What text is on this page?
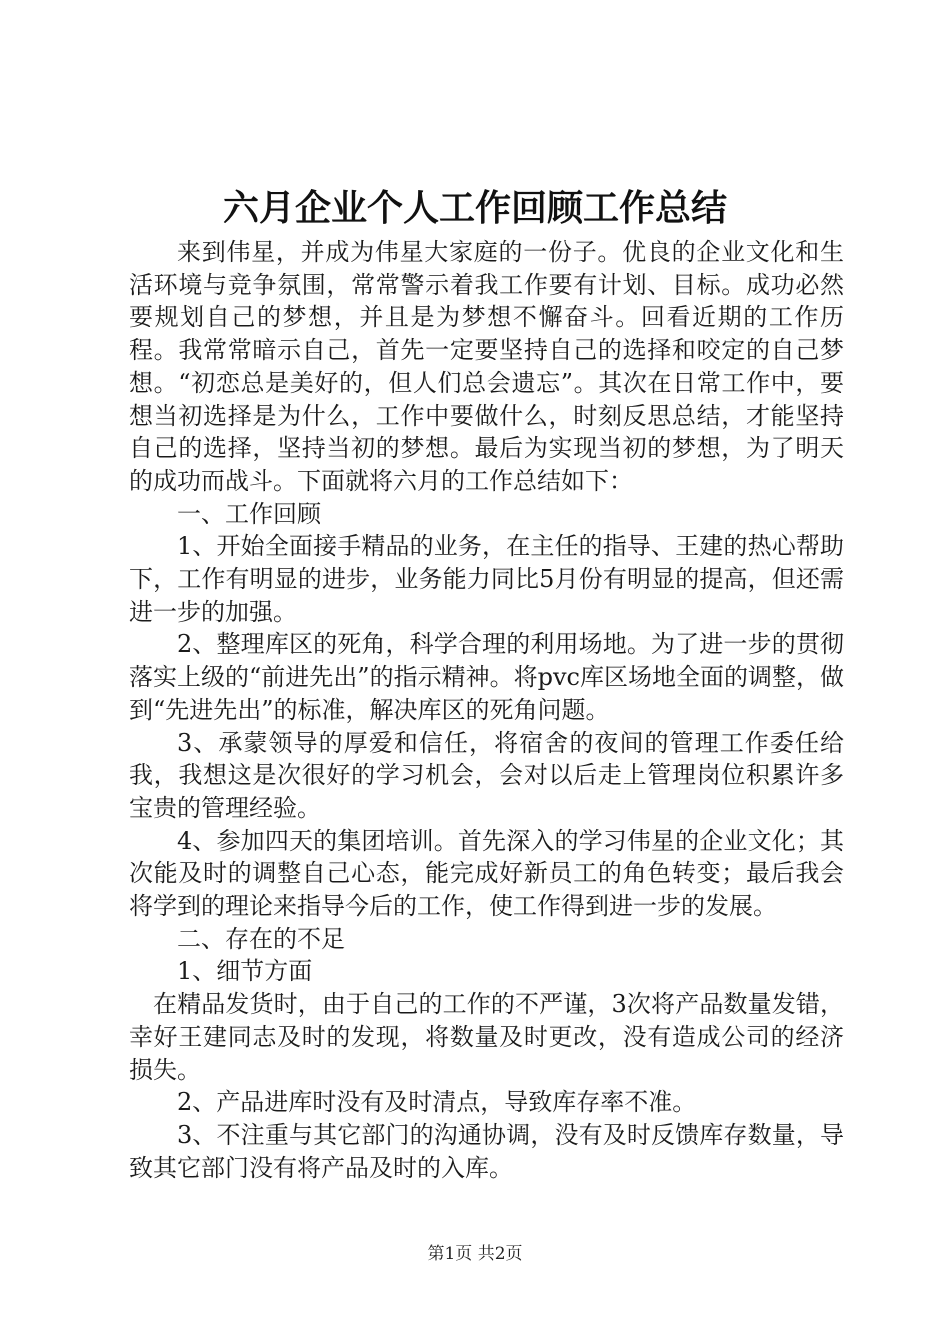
六月企业个人工作回顾工作总结

来到伟星，并成为伟星大家庭的一份子。优良的企业文化和生活环境与竞争氛围，常常警示着我工作要有计划、目标。成功必然要规划自己的梦想，并且是为梦想不懈奋斗。回看近期的工作历程。我常常暗示自己，首先一定要坚持自己的选择和咬定的自己梦想。“初恋总是美好的，但人们总会遗忘”。其次在日常工作中，要想当初选择是为什么，工作中要做什么，时刻反思总结，才能坚持自己的选择，坚持当初的梦想。最后为实现当初的梦想，为了明天的成功而战斗。下面就将六月的工作总结如下：

一、工作回顾

1、开始全面接手精品的业务，在主任的指导、王建的热心帮助下，工作有明显的进步，业务能力同比5月份有明显的提高，但还需进一步的加强。

2、整理库区的死角，科学合理的利用场地。为了进一步的贯彻落实上级的“前进先出”的指示精神。将pvc库区场地全面的调整，做到“先进先出”的标准，解决库区的死角问题。

3、承蒙领导的厚爱和信任，将宿舍的夜间的管理工作委任给我，我想这是次很好的学习机会，会对以后走上管理岗位积累许多宝贵的管理经验。

4、参加四天的集团培训。首先深入的学习伟星的企业文化；其次能及时的调整自己心态，能完成好新员工的角色转变；最后我会将学到的理论来指导今后的工作，使工作得到进一步的发展。

二、存在的不足

1、细节方面

在精品发货时，由于自己的工作的不严谨，3次将产品数量发错，幸好王建同志及时的发现，将数量及时更改，没有造成公司的经济损失。

2、产品进库时没有及时清点，导致库存率不准。

3、不注重与其它部门的沟通协调，没有及时反馈库存数量，导致其它部门没有将产品及时的入库。

第1页 共2页
